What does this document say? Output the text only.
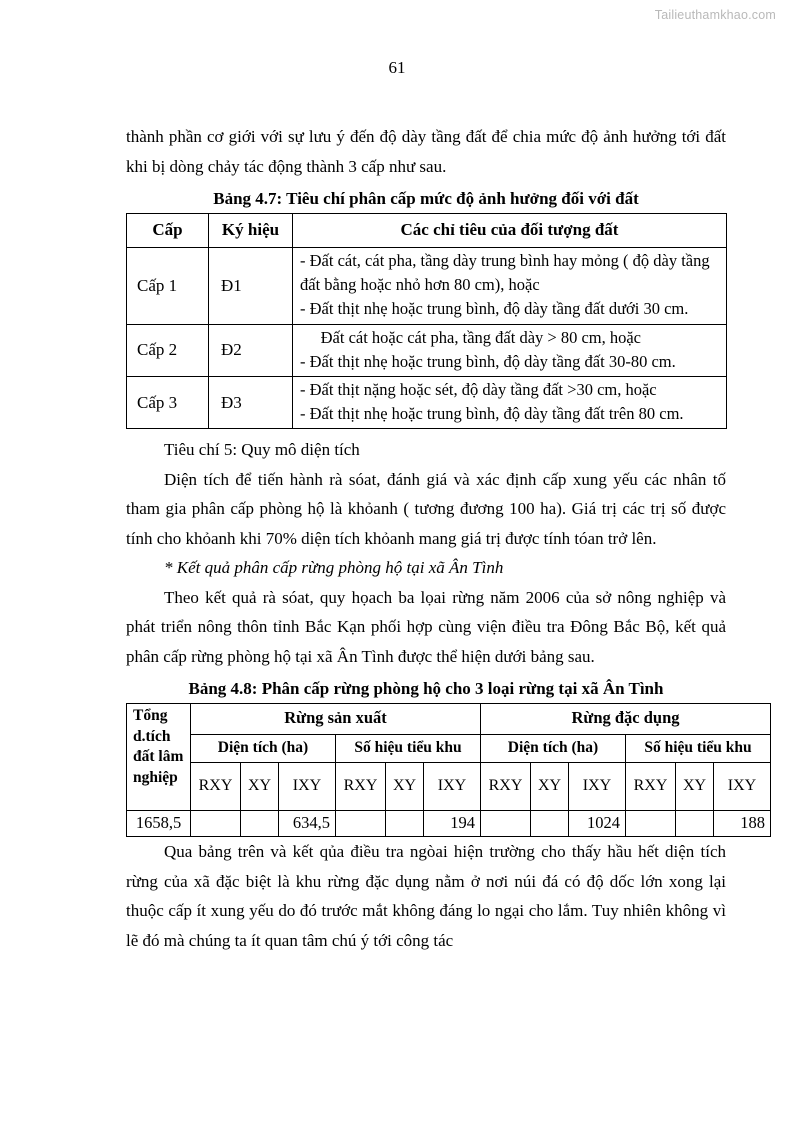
Tailieuthamkhao.com
61

thành phần cơ giới với sự lưu ý đến độ dày tầng đất để chia mức độ ảnh hưởng tới đất khi bị dòng chảy tác động thành 3 cấp như sau.

Bảng 4.7: Tiêu chí phân cấp mức độ ảnh hưởng đối với đất

Cấp	Ký hiệu	Các chỉ tiêu của đối tượng đất
Cấp 1	Đ1	- Đất cát, cát pha, tầng dày trung bình hay mỏng ( độ dày tầng đất bằng hoặc nhỏ hơn 80 cm), hoặc
- Đất thịt nhẹ hoặc trung bình, độ dày tầng đất dưới 30 cm.

Cấp 2	Đ2	Đất cát hoặc cát pha, tầng đất dày > 80 cm, hoặc
- Đất thịt nhẹ hoặc trung bình, độ dày tầng đất 30-80 cm.

Cấp 3	Đ3	- Đất thịt nặng hoặc sét, độ dày tầng đất >30 cm, hoặc
- Đất thịt nhẹ hoặc trung bình, độ dày tầng đất trên 80 cm.

Tiêu chí 5: Quy mô diện tích

Diện tích để tiến hành rà sóat, đánh giá và xác định cấp xung yếu các nhân tố tham gia phân cấp phòng hộ là khỏanh ( tương đương 100 ha). Giá trị các trị số được tính cho khỏanh khi 70% diện tích khỏanh mang giá trị được tính tóan trở lên.

* Kết quả phân cấp rừng phòng hộ tại xã Ân Tình

Theo kết quả rà sóat, quy họach ba lọai rừng năm 2006 của sở nông nghiệp và phát triển nông thôn tỉnh Bắc Kạn phối hợp cùng viện điều tra Đông Bắc Bộ, kết quả phân cấp rừng phòng hộ tại xã Ân Tình được thể hiện dưới bảng sau.

Bảng 4.8: Phân cấp rừng phòng hộ cho 3 loại rừng tại xã Ân Tình

Tổng d.tích đất lâm nghiệp	Rừng sản xuất						Rừng đặc dụng					
	Diện tích (ha)			Số hiệu tiểu khu			Diện tích (ha)			Số hiệu tiểu khu		
	RXY	XY	IXY	RXY	XY	IXY	RXY	XY	IXY	RXY	XY	IXY
1658,5			634,5			194			1024			188

Qua bảng trên và kết qủa điều tra ngòai hiện trường cho thấy hầu hết diện tích rừng của xã đặc biệt là khu rừng đặc dụng nằm ở nơi núi đá có độ dốc lớn xong lại thuộc cấp ít xung yếu do đó trước mắt không đáng lo ngại cho lắm. Tuy nhiên không vì lẽ đó mà chúng ta ít quan tâm chú ý tới công tác
